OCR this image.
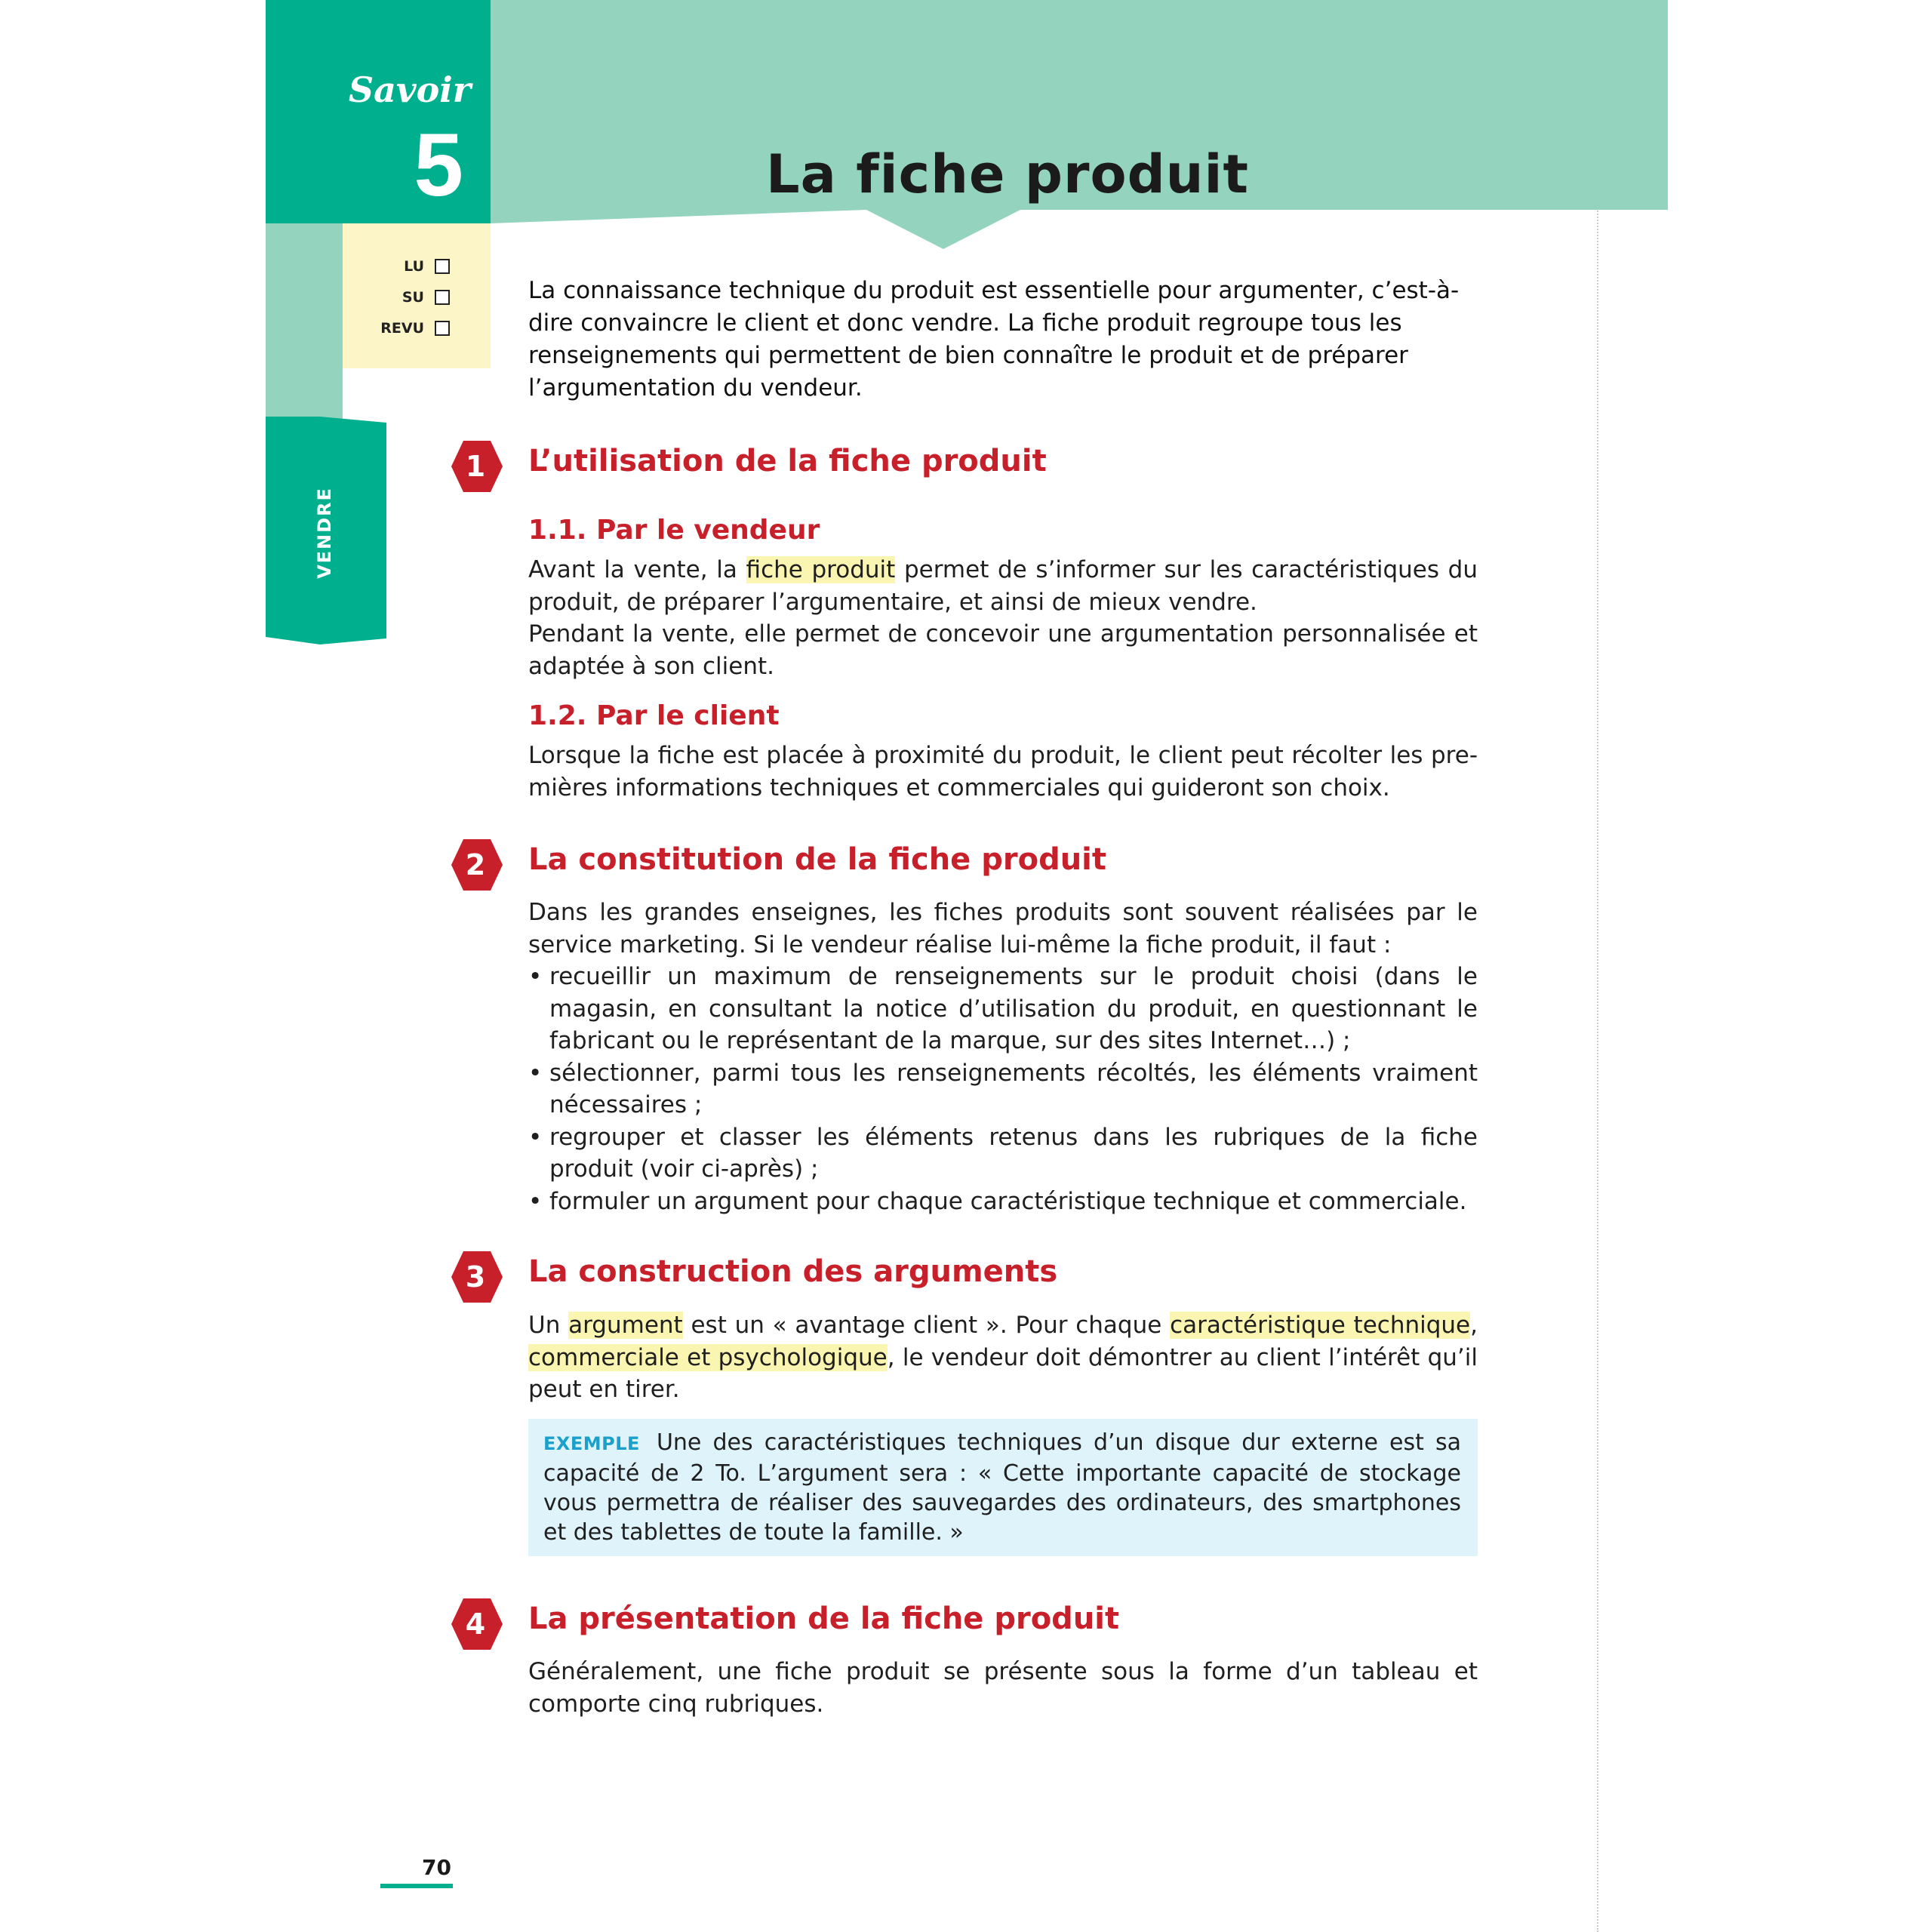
Savoir
5
LU
SU
REVU
La fiche produit
VENDRE
La connaissance technique du produit est essentielle pour argumenter, c’est-à-dire convaincre le client et donc vendre. La fiche produit regroupe tous les renseignements qui permettent de bien connaître le produit et de préparer l’argumentation du vendeur.
1	L’utilisation de la fiche produit
1.1. Par le vendeur

Avant la vente, la fiche produit permet de s’informer sur les caractéristiques du produit, de préparer l’argumentaire, et ainsi de mieux vendre.

Pendant la vente, elle permet de concevoir une argumentation personnalisée et adaptée à son client.

1.2. Par le client

Lorsque la fiche est placée à proximité du produit, le client peut récolter les premières informations techniques et commerciales qui guideront son choix.

2	La constitution de la fiche produit

Dans les grandes enseignes, les fiches produits sont souvent réalisées par le service marketing. Si le vendeur réalise lui-même la fiche produit, il faut :

• recueillir un maximum de renseignements sur le produit choisi (dans le magasin, en consultant la notice d’utilisation du produit, en questionnant le fabricant ou le représentant de la marque, sur des sites Internet…) ;
• sélectionner, parmi tous les renseignements récoltés, les éléments vraiment nécessaires ;
• regrouper et classer les éléments retenus dans les rubriques de la fiche produit (voir ci-après) ;
• formuler un argument pour chaque caractéristique technique et commerciale.
3	La construction des arguments

Un argument est un « avantage client ». Pour chaque caractéristique technique, commerciale et psychologique, le vendeur doit démontrer au client l’intérêt qu’il peut en tirer.

EXEMPLE Une des caractéristiques techniques d’un disque dur externe est sa capacité de 2 To. L’argument sera : « Cette importante capacité de stockage vous permettra de réaliser des sauvegardes des ordinateurs, des smartphones et des tablettes de toute la famille. »
4	La présentation de la fiche produit

Généralement, une fiche produit se présente sous la forme d’un tableau et comporte cinq rubriques.

70
